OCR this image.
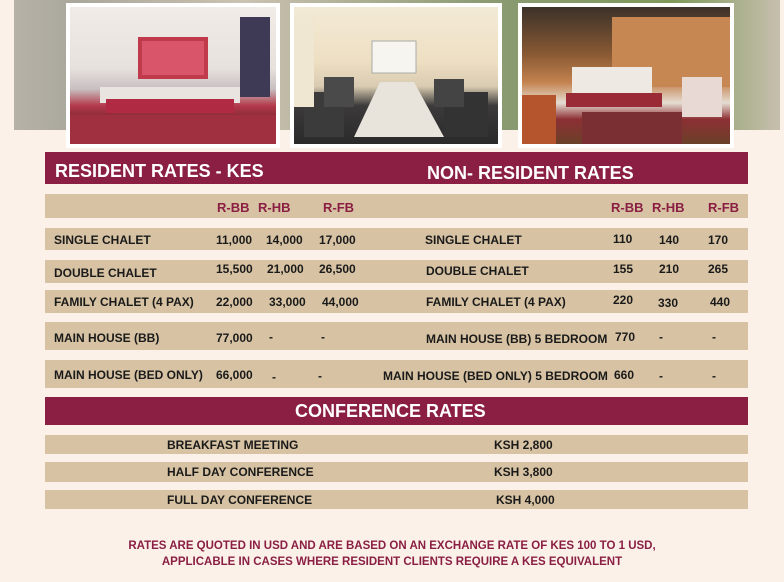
RESIDENT RATES - KES	NON- RESIDENT RATES
R-BB R-HB	R-FB	R-BB R-HB R-FB
SINGLE CHALET	11,000 14,000 17,000	SINGLE CHALET	110 140 170
DOUBLE CHALET	15,500 21,000 26,500	DOUBLE CHALET	155 210 265
FAMILY CHALET (4 PAX) 22,000 33,000 44,000	FAMILY CHALET (4 PAX)	220 330	440
MAIN HOUSE (BB)	77,000 -	-	MAIN HOUSE (BB) 5 BEDROOM 770 -	-
MAIN HOUSE (BED ONLY) 66,000 -	-	MAIN HOUSE (BED ONLY) 5 BEDROOM 660 -	-
CONFERENCE RATES
BREAKFAST MEETING	KSH 2,800
HALF DAY CONFERENCE	KSH 3,800
FULL DAY CONFERENCE	KSH 4,000
RATES ARE QUOTED IN USD AND ARE BASED ON AN EXCHANGE RATE OF KES 100 TO 1 USD,
APPLICABLE IN CASES WHERE RESIDENT CLIENTS REQUIRE A KES EQUIVALENT
